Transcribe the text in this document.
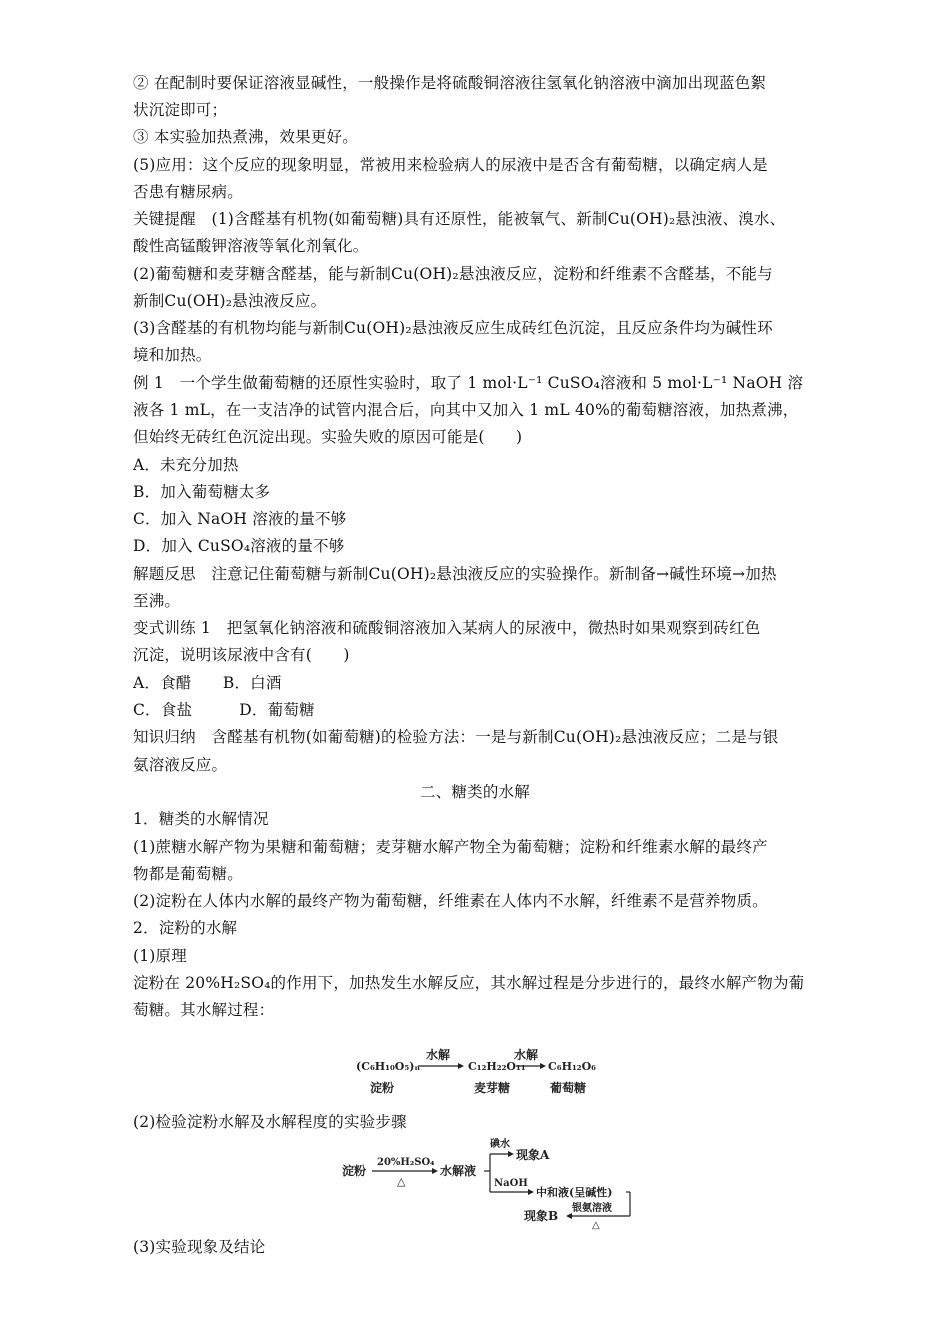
② 在配制时要保证溶液显碱性，一般操作是将硫酸铜溶液往氢氧化钠溶液中滴加出现蓝色絮
状沉淀即可；
③ 本实验加热煮沸，效果更好。
(5)应用：这个反应的现象明显，常被用来检验病人的尿液中是否含有葡萄糖，以确定病人是
否患有糖尿病。
关键提醒　(1)含醛基有机物(如葡萄糖)具有还原性，能被氧气、新制Cu(OH)₂悬浊液、溴水、
酸性高锰酸钾溶液等氧化剂氧化。
(2)葡萄糖和麦芽糖含醛基，能与新制Cu(OH)₂悬浊液反应，淀粉和纤维素不含醛基，不能与
新制Cu(OH)₂悬浊液反应。
(3)含醛基的有机物均能与新制Cu(OH)₂悬浊液反应生成砖红色沉淀，且反应条件均为碱性环
境和加热。
例 1　一个学生做葡萄糖的还原性实验时，取了 1 mol·L⁻¹ CuSO₄溶液和 5 mol·L⁻¹ NaOH 溶
液各 1 mL，在一支洁净的试管内混合后，向其中又加入 1 mL 40%的葡萄糖溶液，加热煮沸，
但始终无砖红色沉淀出现。实验失败的原因可能是(　　)
A．未充分加热
B．加入葡萄糖太多
C．加入 NaOH 溶液的量不够
D．加入 CuSO₄溶液的量不够
解题反思　注意记住葡萄糖与新制Cu(OH)₂悬浊液反应的实验操作。新制备→碱性环境→加热
至沸。
变式训练 1　把氢氧化钠溶液和硫酸铜溶液加入某病人的尿液中，微热时如果观察到砖红色
沉淀，说明该尿液中含有(　　)
A．食醋　　B．白酒
C．食盐　　　D．葡萄糖
知识归纳　含醛基有机物(如葡萄糖)的检验方法：一是与新制Cu(OH)₂悬浊液反应；二是与银
氨溶液反应。
二、糖类的水解
1．糖类的水解情况
(1)蔗糖水解产物为果糖和葡萄糖；麦芽糖水解产物全为葡萄糖；淀粉和纤维素水解的最终产
物都是葡萄糖。
(2)淀粉在人体内水解的最终产物为葡萄糖，纤维素在人体内不水解，纤维素不是营养物质。
2．淀粉的水解
(1)原理
淀粉在 20%H₂SO₄的作用下，加热发生水解反应，其水解过程是分步进行的，最终水解产物为葡
萄糖。其水解过程：
(C₆H₁₀O₅)ₙ
淀粉
水解
C₁₂H₂₂O₁₁
麦芽糖
水解
C₆H₁₂O₆
葡萄糖
淀粉
20%H₂SO₄
△
水解液
碘水
现象A
NaOH
中和液(呈碱性)
银氨溶液
△
现象B
(2)检验淀粉水解及水解程度的实验步骤
(3)实验现象及结论
